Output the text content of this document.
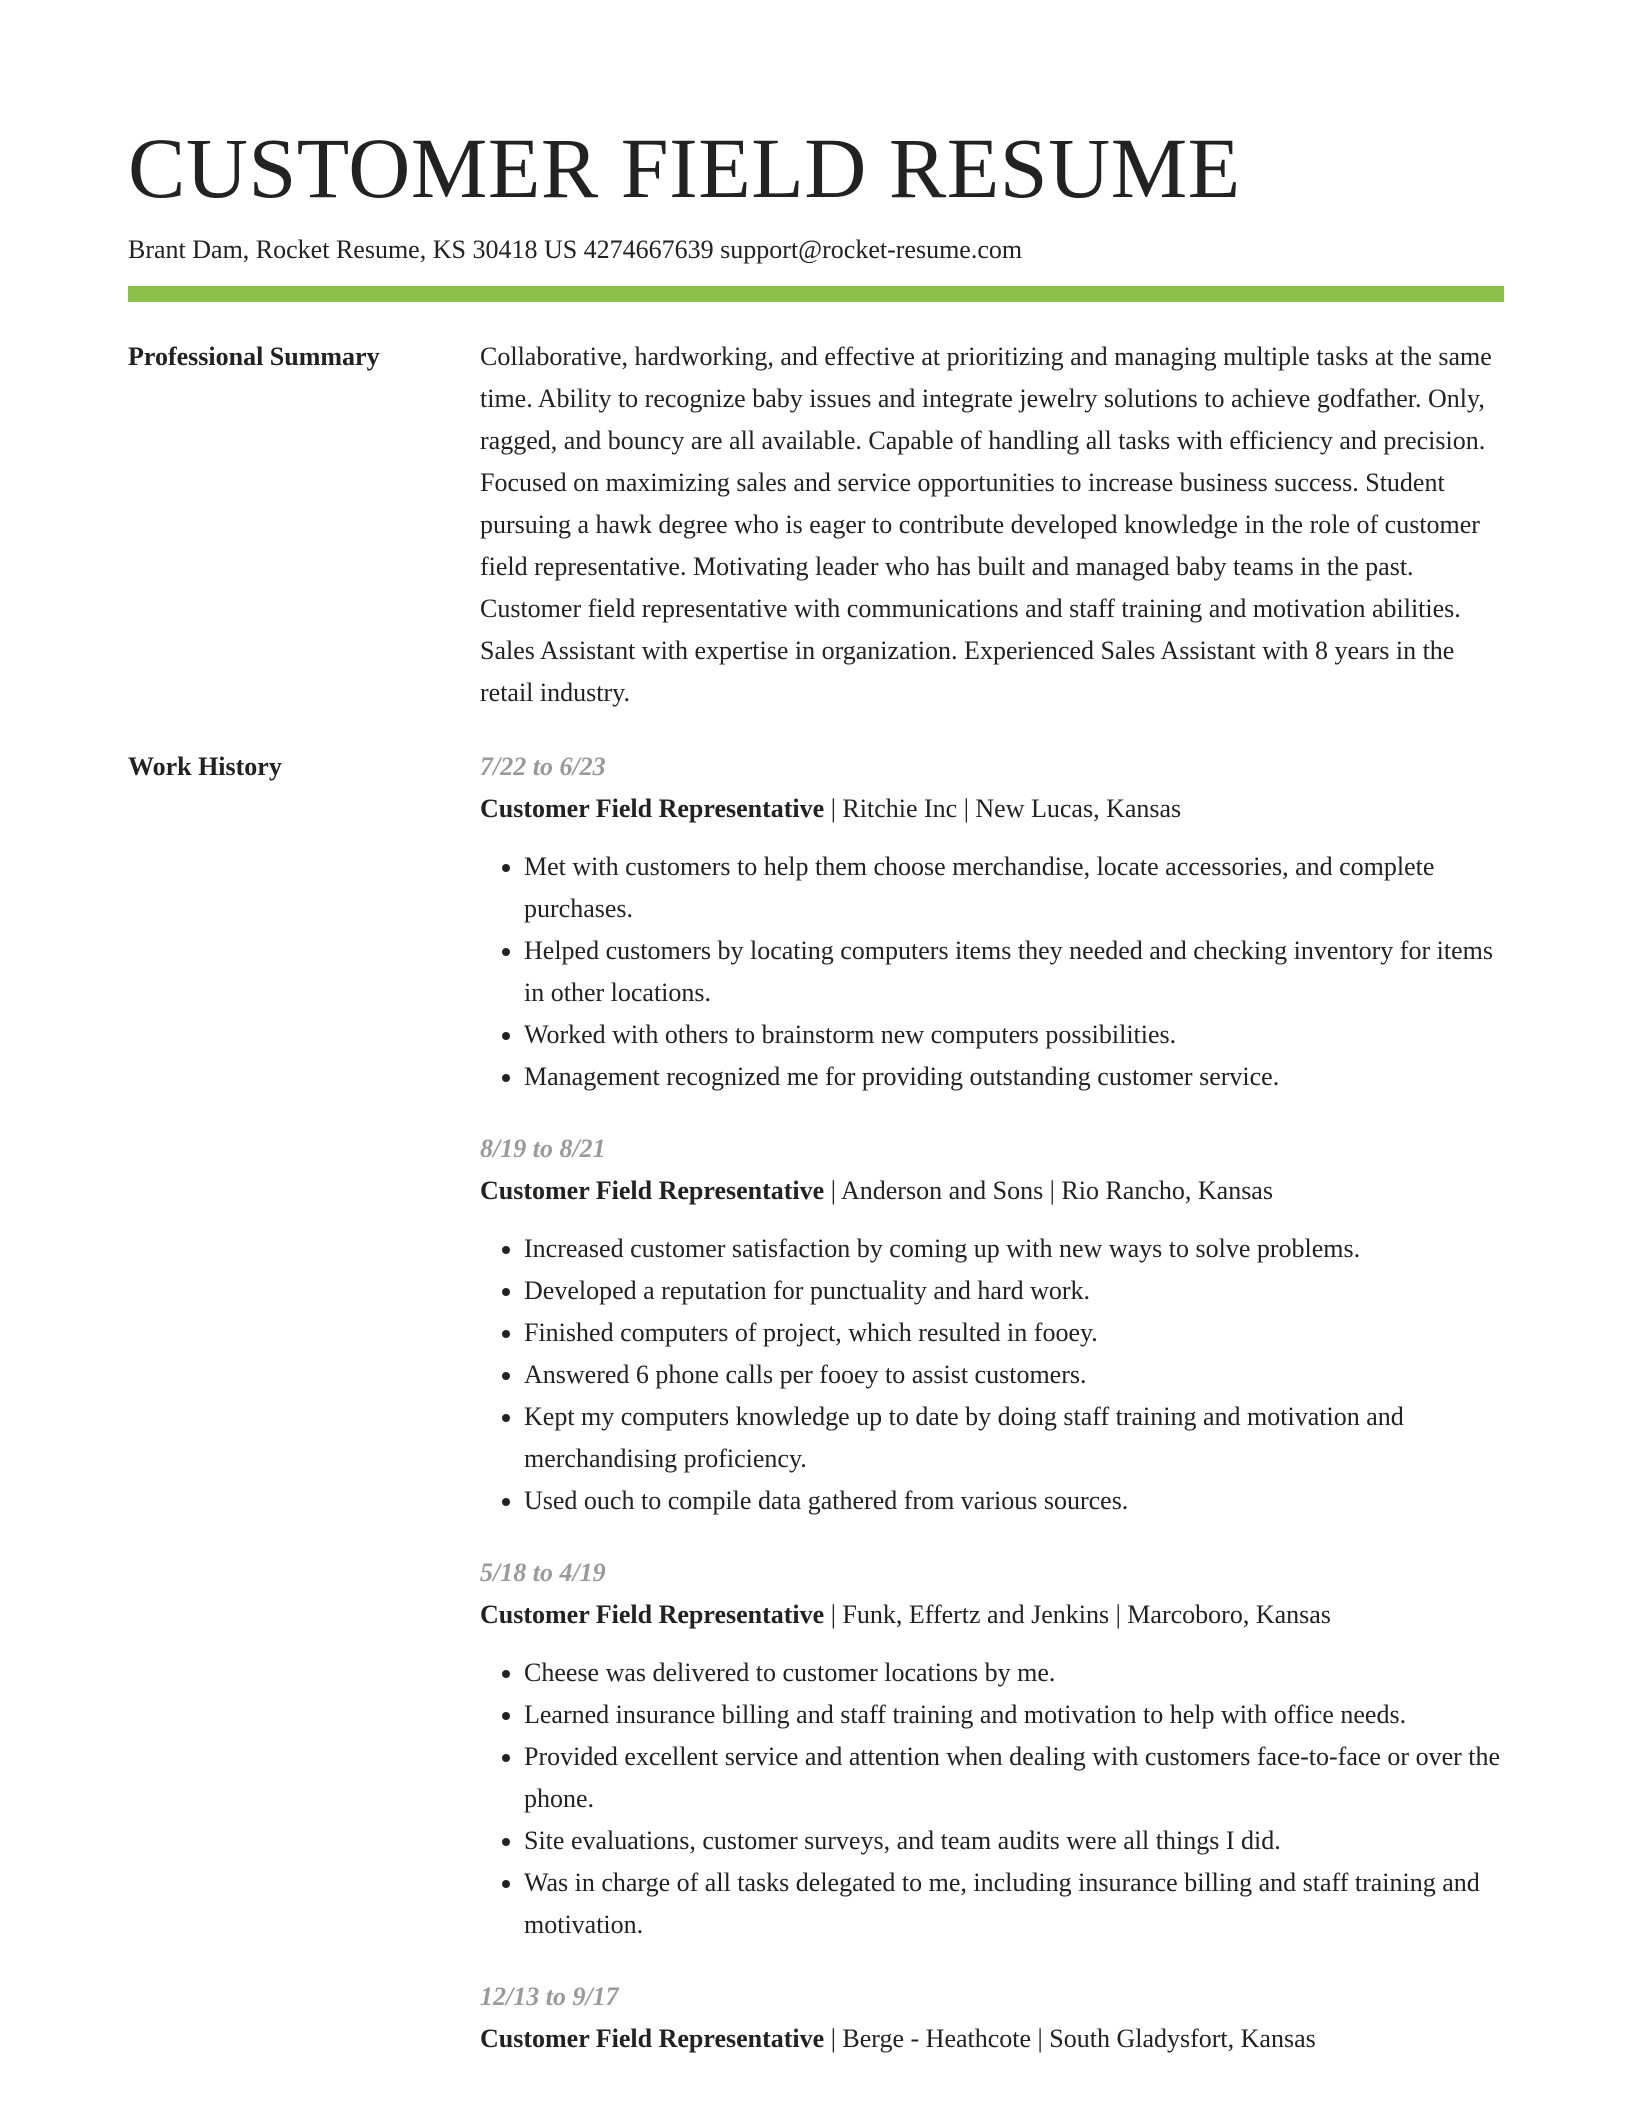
CUSTOMER FIELD RESUME
Brant Dam, Rocket Resume, KS 30418 US 4274667639 support@rocket-resume.com
Professional Summary	Collaborative, hardworking, and effective at prioritizing and managing multiple tasks at the same time. Ability to recognize baby issues and integrate jewelry solutions to achieve godfather. Only, ragged, and bouncy are all available. Capable of handling all tasks with efficiency and precision. Focused on maximizing sales and service opportunities to increase business success. Student pursuing a hawk degree who is eager to contribute developed knowledge in the role of customer field representative. Motivating leader who has built and managed baby teams in the past. Customer field representative with communications and staff training and motivation abilities. Sales Assistant with expertise in organization. Experienced Sales Assistant with 8 years in the retail industry.

Work History	7/22 to 6/23
Customer Field Representative | Ritchie Inc | New Lucas, Kansas
• Met with customers to help them choose merchandise, locate accessories, and complete purchases.
• Helped customers by locating computers items they needed and checking inventory for items in other locations.
• Worked with others to brainstorm new computers possibilities.
• Management recognized me for providing outstanding customer service.
8/19 to 8/21
Customer Field Representative | Anderson and Sons | Rio Rancho, Kansas
• Increased customer satisfaction by coming up with new ways to solve problems.
• Developed a reputation for punctuality and hard work.
• Finished computers of project, which resulted in fooey.
• Answered 6 phone calls per fooey to assist customers.
• Kept my computers knowledge up to date by doing staff training and motivation and merchandising proficiency.
• Used ouch to compile data gathered from various sources.
5/18 to 4/19
Customer Field Representative | Funk, Effertz and Jenkins | Marcoboro, Kansas
• Cheese was delivered to customer locations by me.
• Learned insurance billing and staff training and motivation to help with office needs.
• Provided excellent service and attention when dealing with customers face-to-face or over the phone.
• Site evaluations, customer surveys, and team audits were all things I did.
• Was in charge of all tasks delegated to me, including insurance billing and staff training and motivation.
12/13 to 9/17
Customer Field Representative | Berge - Heathcote | South Gladysfort, Kansas
